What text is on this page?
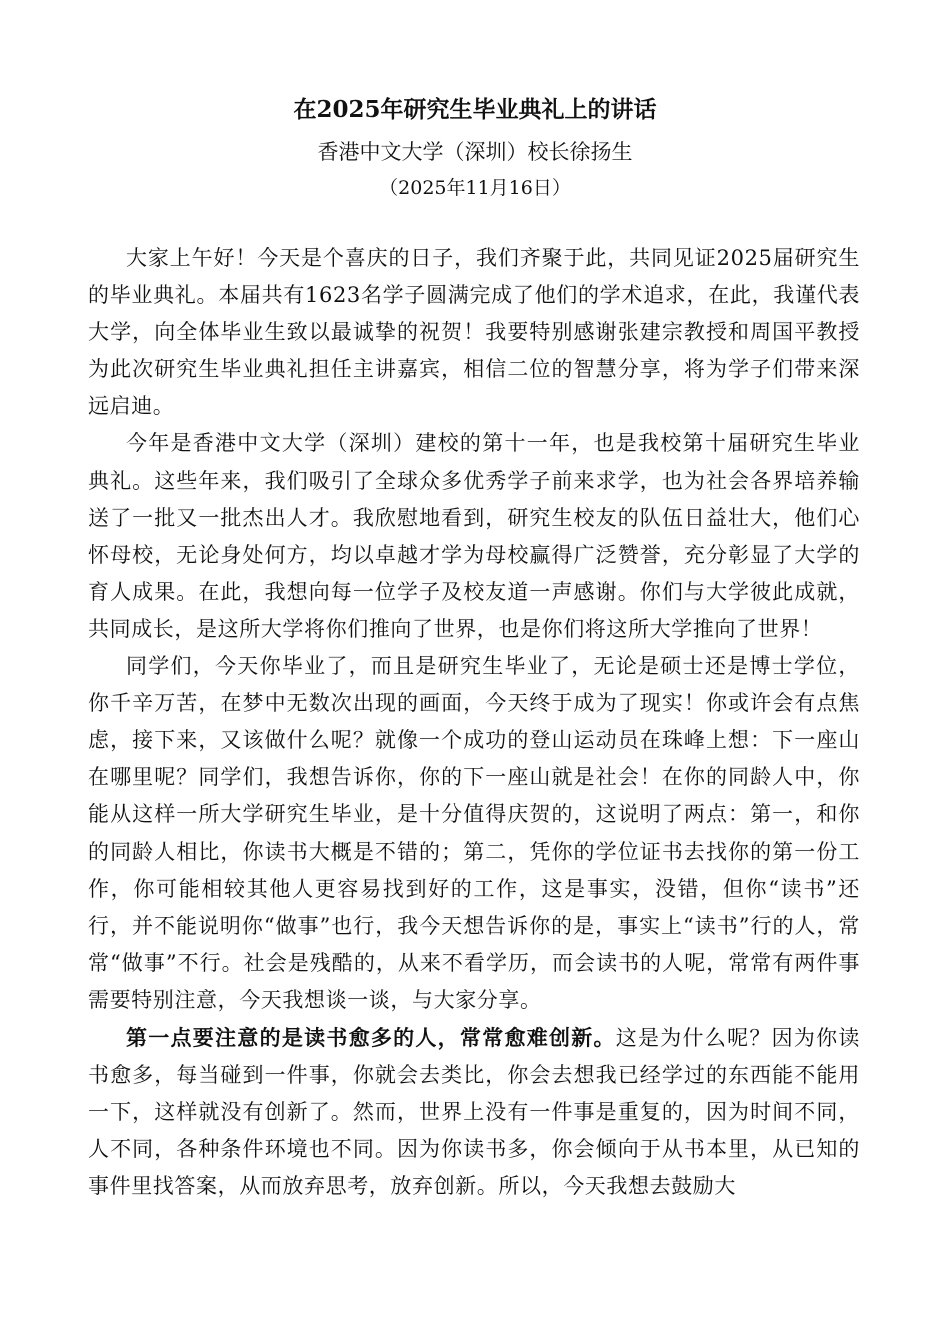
在2025年研究生毕业典礼上的讲话
香港中文大学（深圳）校长徐扬生
（2025年11月16日）

大家上午好！今天是个喜庆的日子，我们齐聚于此，共同见证2025届研究生的毕业典礼。本届共有1623名学子圆满完成了他们的学术追求，在此，我谨代表大学，向全体毕业生致以最诚挚的祝贺！我要特别感谢张建宗教授和周国平教授为此次研究生毕业典礼担任主讲嘉宾，相信二位的智慧分享，将为学子们带来深远启迪。

今年是香港中文大学（深圳）建校的第十一年，也是我校第十届研究生毕业典礼。这些年来，我们吸引了全球众多优秀学子前来求学，也为社会各界培养输送了一批又一批杰出人才。我欣慰地看到，研究生校友的队伍日益壮大，他们心怀母校，无论身处何方，均以卓越才学为母校赢得广泛赞誉，充分彰显了大学的育人成果。在此，我想向每一位学子及校友道一声感谢。你们与大学彼此成就，共同成长，是这所大学将你们推向了世界，也是你们将这所大学推向了世界！

同学们，今天你毕业了，而且是研究生毕业了，无论是硕士还是博士学位，你千辛万苦，在梦中无数次出现的画面，今天终于成为了现实！你或许会有点焦虑，接下来，又该做什么呢？就像一个成功的登山运动员在珠峰上想：下一座山在哪里呢？同学们，我想告诉你，你的下一座山就是社会！在你的同龄人中，你能从这样一所大学研究生毕业，是十分值得庆贺的，这说明了两点：第一，和你的同龄人相比，你读书大概是不错的；第二，凭你的学位证书去找你的第一份工作，你可能相较其他人更容易找到好的工作，这是事实，没错，但你“读书”还行，并不能说明你“做事”也行，我今天想告诉你的是，事实上“读书”行的人，常常“做事”不行。社会是残酷的，从来不看学历，而会读书的人呢，常常有两件事需要特别注意，今天我想谈一谈，与大家分享。

第一点要注意的是读书愈多的人，常常愈难创新。这是为什么呢？因为你读书愈多，每当碰到一件事，你就会去类比，你会去想我已经学过的东西能不能用一下，这样就没有创新了。然而，世界上没有一件事是重复的，因为时间不同，人不同，各种条件环境也不同。因为你读书多，你会倾向于从书本里，从已知的事件里找答案，从而放弃思考，放弃创新。所以，今天我想去鼓励大
